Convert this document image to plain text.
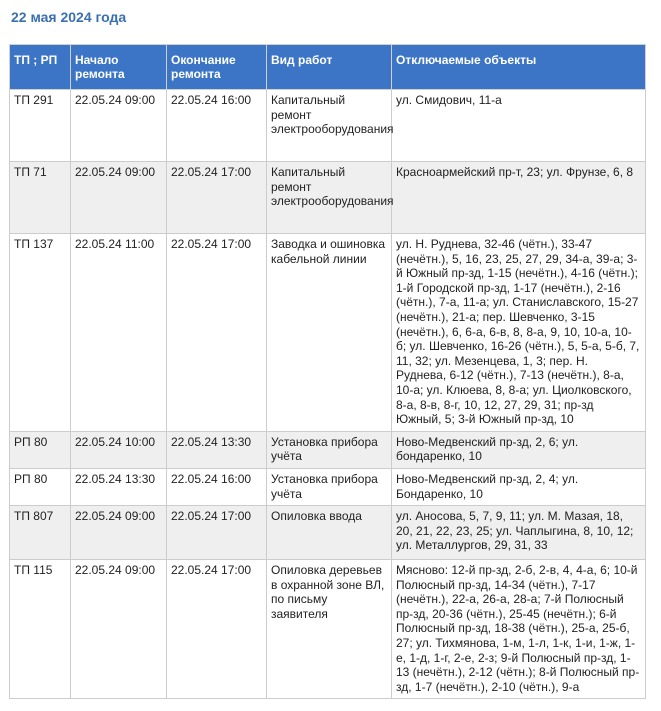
22 мая 2024 года
ТП ; РП	Начало ремонта	Окончание ремонта	Вид работ	Отключаемые объекты
ТП 291	22.05.24 09:00	22.05.24 16:00	Капитальный ремонт электрооборудования	ул. Смидович, 11-а
ТП 71	22.05.24 09:00	22.05.24 17:00	Капитальный ремонт электрооборудования	Красноармейский пр-т, 23; ул. Фрунзе, 6, 8
ТП 137	22.05.24 11:00	22.05.24 17:00	Заводка и ошиновка кабельной линии	ул. Н. Руднева, 32-46 (чётн.), 33-47 (нечётн.), 5, 16, 23, 25, 27, 29, 34-а, 39-а; 3-й Южный пр-зд, 1-15 (нечётн.), 4-16 (чётн.); 1-й Городской пр-зд, 1-17 (нечётн.), 2-16 (чётн.), 7-а, 11-а; ул. Станиславского, 15-27 (нечётн.), 21-а; пер. Шевченко, 3-15 (нечётн.), 6, 6-а, 6-в, 8, 8-а, 9, 10, 10-а, 10-б; ул. Шевченко, 16-26 (чётн.), 5, 5-а, 5-б, 7, 11, 32; ул. Мезенцева, 1, 3; пер. Н. Руднева, 6-12 (чётн.), 7-13 (нечётн.), 8-а, 10-а; ул. Клюева, 8, 8-а; ул. Циолковского, 8-а, 8-в, 8-г, 10, 12, 27, 29, 31; пр-зд Южный, 5; 3-й Южный пр-зд, 10
РП 80	22.05.24 10:00	22.05.24 13:30	Установка прибора учёта	Ново-Медвенский пр-зд, 2, 6; ул. бондаренко, 10
РП 80	22.05.24 13:30	22.05.24 16:00	Установка прибора учёта	Ново-Медвенский пр-зд, 2, 4; ул. Бондаренко, 10
ТП 807	22.05.24 09:00	22.05.24 17:00	Опиловка ввода	ул. Аносова, 5, 7, 9, 11; ул. М. Мазая, 18, 20, 21, 22, 23, 25; ул. Чаплыгина, 8, 10, 12; ул. Металлургов, 29, 31, 33
ТП 115	22.05.24 09:00	22.05.24 17:00	Опиловка деревьев в охранной зоне ВЛ, по письму заявителя	Мясново: 12-й пр-зд, 2-б, 2-в, 4, 4-а, 6; 10-й Полюсный пр-зд, 14-34 (чётн.), 7-17 (нечётн.), 22-а, 26-а, 28-а; 7-й Полюсный пр-зд, 20-36 (чётн.), 25-45 (нечётн.); 6-й Полюсный пр-зд, 18-38 (чётн.), 25-а, 25-б, 27; ул. Тихмянова, 1-м, 1-л, 1-к, 1-и, 1-ж, 1-е, 1-д, 1-г, 2-е, 2-з; 9-й Полюсный пр-зд, 1-13 (нечётн.), 2-12 (чётн.); 8-й Полюсный пр-зд, 1-7 (нечётн.), 2-10 (чётн.), 9-а
